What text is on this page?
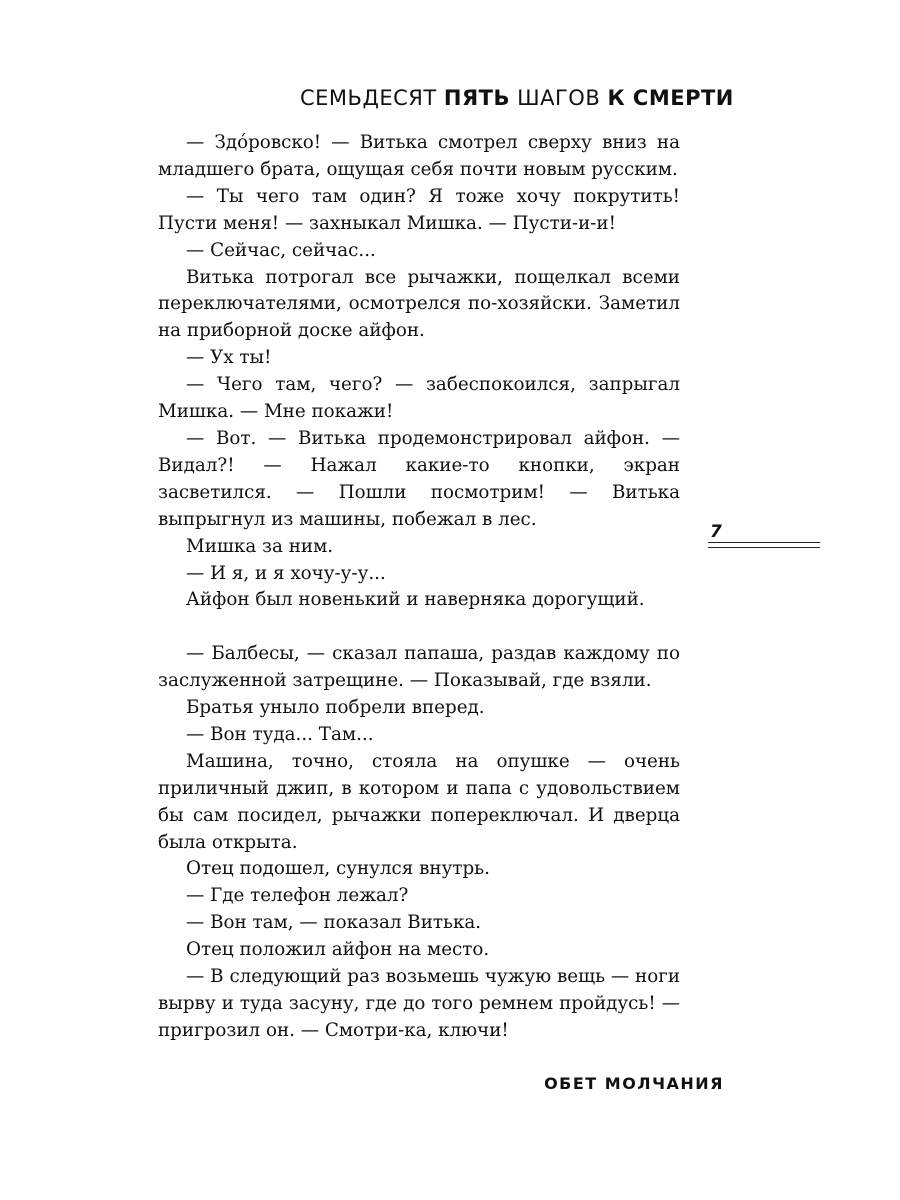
СЕМЬДЕСЯТ ПЯТЬ ШАГОВ К СМЕРТИ

— Здо́ровско! — Витька смотрел сверху вниз на младшего брата, ощущая себя почти новым русским.

— Ты чего там один? Я тоже хочу покрутить! Пусти меня! — захныкал Мишка. — Пусти-и-и!

— Сейчас, сейчас...

Витька потрогал все рычажки, пощелкал всеми переключателями, осмотрелся по-хозяйски. Заметил на приборной доске айфон.

— Ух ты!

— Чего там, чего? — забеспокоился, запрыгал Мишка. — Мне покажи!

— Вот. — Витька продемонстрировал айфон. — Видал?! — Нажал какие-то кнопки, экран засветился. — Пошли посмотрим! — Витька выпрыгнул из машины, побежал в лес.

Мишка за ним.

— И я, и я хочу-у-у...

Айфон был новенький и наверняка дорогущий.

— Балбесы, — сказал папаша, раздав каждому по заслуженной затрещине. — Показывай, где взяли.

Братья уныло побрели вперед.

— Вон туда... Там...

Машина, точно, стояла на опушке — очень приличный джип, в котором и папа с удовольствием бы сам посидел, рычажки попереключал. И дверца была открыта.

Отец подошел, сунулся внутрь.

— Где телефон лежал?

— Вон там, — показал Витька.

Отец положил айфон на место.

— В следующий раз возьмешь чужую вещь — ноги вырву и туда засуну, где до того ремнем пройдусь! — пригрозил он. — Смотри-ка, ключи!

7
ОБЕТ МОЛЧАНИЯ
